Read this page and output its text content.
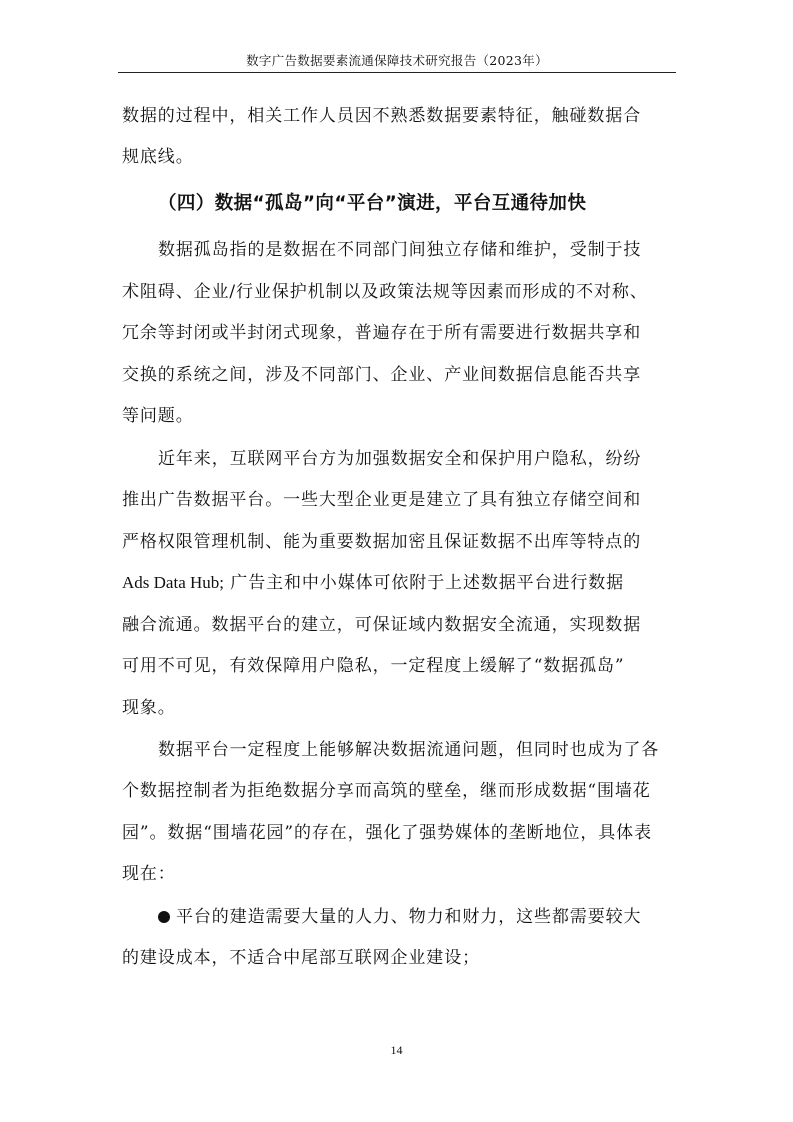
数字广告数据要素流通保障技术研究报告（2023年）
数据的过程中，相关工作人员因不熟悉数据要素特征，触碰数据合
规底线。
（四）数据“孤岛”向“平台”演进，平台互通待加快
数据孤岛指的是数据在不同部门间独立存储和维护，受制于技
术阻碍、企业/行业保护机制以及政策法规等因素而形成的不对称、
冗余等封闭或半封闭式现象，普遍存在于所有需要进行数据共享和
交换的系统之间，涉及不同部门、企业、产业间数据信息能否共享
等问题。
近年来，互联网平台方为加强数据安全和保护用户隐私，纷纷
推出广告数据平台。一些大型企业更是建立了具有独立存储空间和
严格权限管理机制、能为重要数据加密且保证数据不出库等特点的
Ads Data Hub; 广告主和中小媒体可依附于上述数据平台进行数据
融合流通。数据平台的建立，可保证域内数据安全流通，实现数据
可用不可见，有效保障用户隐私，一定程度上缓解了“数据孤岛”
现象。
数据平台一定程度上能够解决数据流通问题，但同时也成为了各
个数据控制者为拒绝数据分享而高筑的壁垒，继而形成数据“围墙花
园”。数据“围墙花园”的存在，强化了强势媒体的垄断地位，具体表
现在：
平台的建造需要大量的人力、物力和财力，这些都需要较大
的建设成本，不适合中尾部互联网企业建设；
14
